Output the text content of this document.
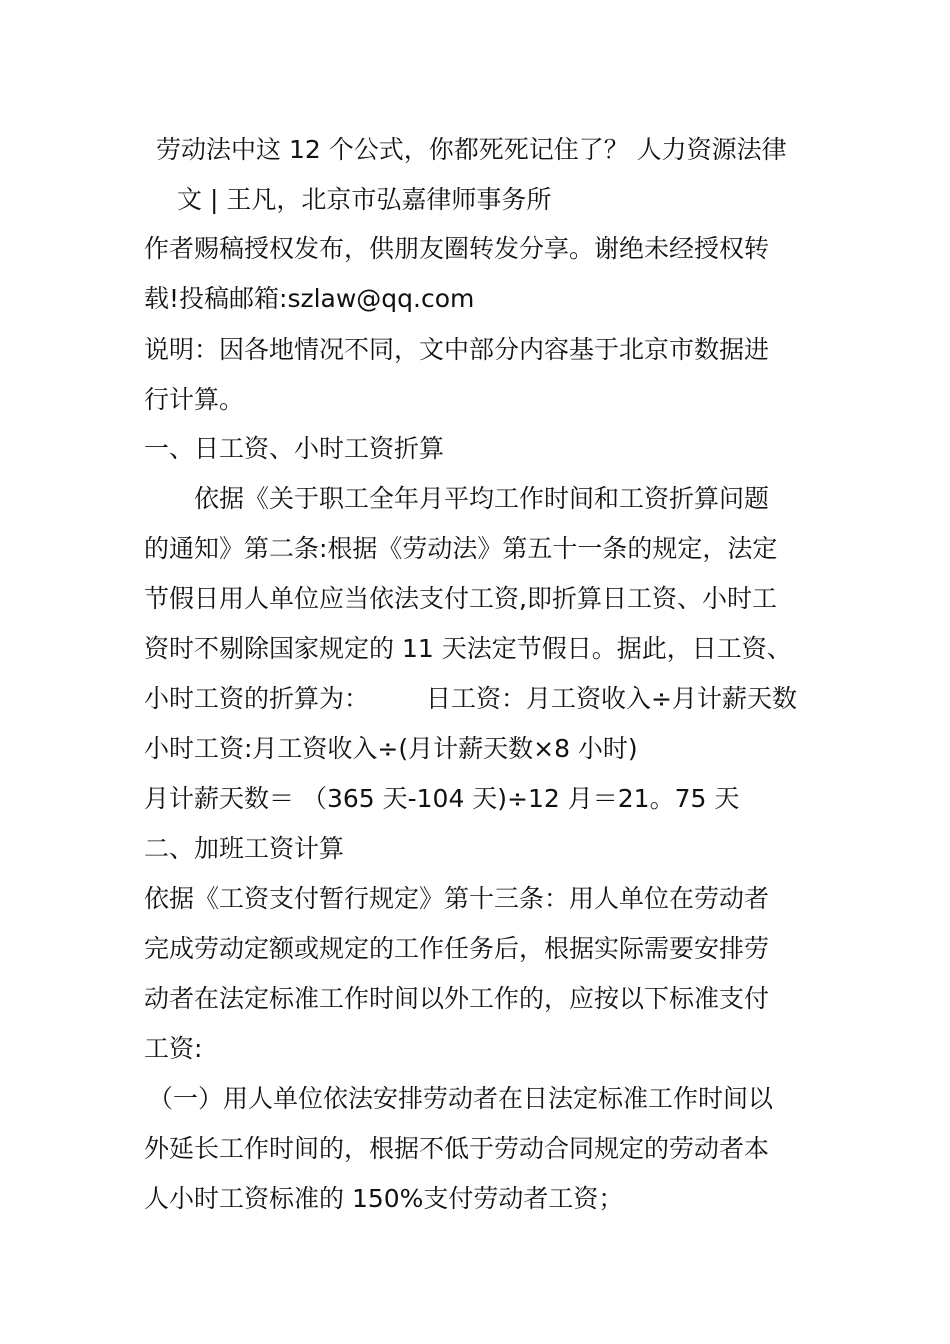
劳动法中这 12 个公式，你都死死记住了？ 人力资源法律
文 | 王凡，北京市弘嘉律师事务所
作者赐稿授权发布，供朋友圈转发分享。谢绝未经授权转
载!投稿邮箱:szlaw@qq.com
说明：因各地情况不同，文中部分内容基于北京市数据进
行计算。
一、日工资、小时工资折算
依据《关于职工全年月平均工作时间和工资折算问题
的通知》第二条:根据《劳动法》第五十一条的规定，法定
节假日用人单位应当依法支付工资,即折算日工资、小时工
资时不剔除国家规定的 11 天法定节假日。据此，日工资、
小时工资的折算为：	日工资：月工资收入÷月计薪天数
小时工资:月工资收入÷(月计薪天数×8 小时)
月计薪天数＝ （365 天-104 天)÷12 月＝21。75 天
二、加班工资计算
依据《工资支付暂行规定》第十三条：用人单位在劳动者
完成劳动定额或规定的工作任务后，根据实际需要安排劳
动者在法定标准工作时间以外工作的，应按以下标准支付
工资:
（一）用人单位依法安排劳动者在日法定标准工作时间以
外延长工作时间的，根据不低于劳动合同规定的劳动者本
人小时工资标准的 150%支付劳动者工资；
